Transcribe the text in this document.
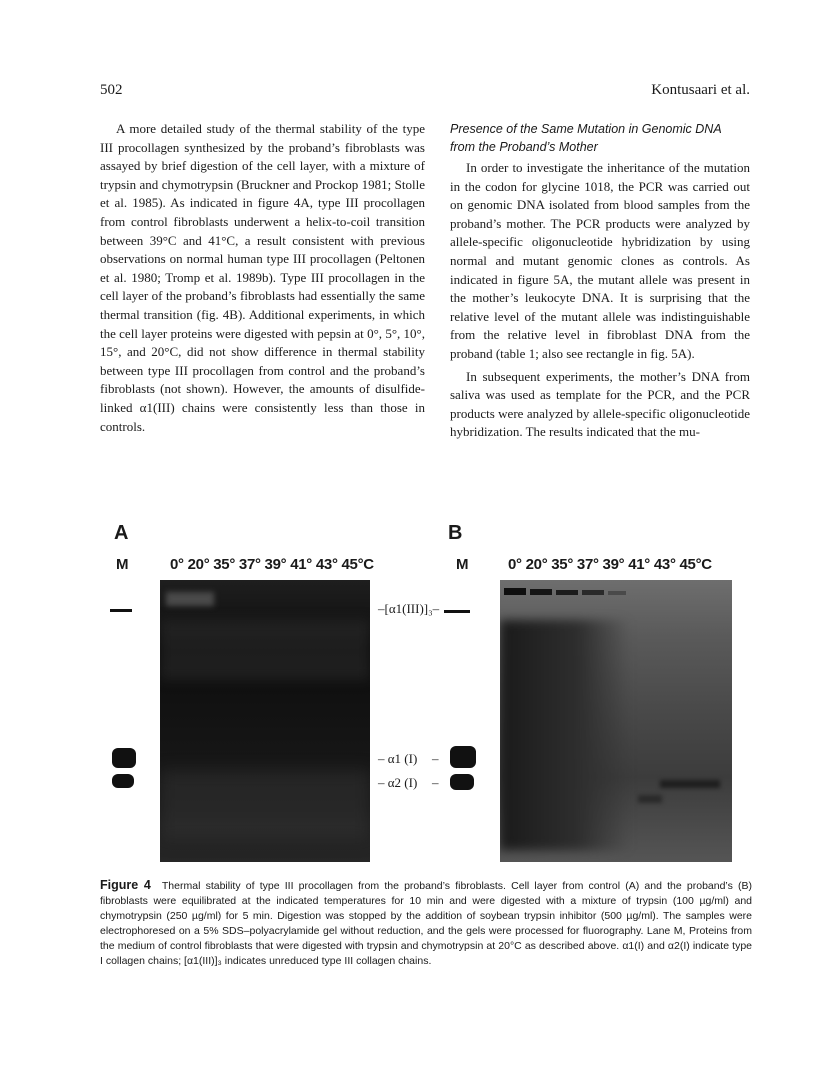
502	Kontusaari et al.

A more detailed study of the thermal stability of the type III procollagen synthesized by the proband’s fibroblasts was assayed by brief digestion of the cell layer, with a mixture of trypsin and chymotrypsin (Bruckner and Prockop 1981; Stolle et al. 1985). As indicated in figure 4A, type III procollagen from control fibroblasts underwent a helix-to-coil transition between 39°C and 41°C, a result consistent with previous observations on normal human type III procollagen (Peltonen et al. 1980; Tromp et al. 1989b). Type III procollagen in the cell layer of the proband’s fibroblasts had essentially the same thermal transition (fig. 4B). Additional experiments, in which the cell layer proteins were digested with pepsin at 0°, 5°, 10°, 15°, and 20°C, did not show difference in thermal stability between type III procollagen from control and the proband’s fibroblasts (not shown). However, the amounts of disulfide-linked α1(III) chains were consistently less than those in controls.

Presence of the Same Mutation in Genomic DNA
from the Proband’s Mother

In order to investigate the inheritance of the mutation in the codon for glycine 1018, the PCR was carried out on genomic DNA isolated from blood samples from the proband’s mother. The PCR products were analyzed by allele-specific oligonucleotide hybridization by using normal and mutant genomic clones as controls. As indicated in figure 5A, the mutant allele was present in the mother’s leukocyte DNA. It is surprising that the relative level of the mutant allele was indistinguishable from the relative level in fibroblast DNA from the proband (table 1; also see rectangle in fig. 5A).

In subsequent experiments, the mother’s DNA from saliva was used as template for the PCR, and the PCR products were analyzed by allele-specific oligonucleotide hybridization. The results indicated that the mu-

A
M	0° 20° 35° 37° 39° 41° 43° 45°C
–[α1(III)]₃–
– α1 (I)
– α2 (I)
–
–
B
M	0° 20° 35° 37° 39° 41° 43° 45°C
Figure 4 Thermal stability of type III procollagen from the proband’s fibroblasts. Cell layer from control (A) and the proband’s (B) fibroblasts were equilibrated at the indicated temperatures for 10 min and were digested with a mixture of trypsin (100 µg/ml) and chymotrypsin (250 µg/ml) for 5 min. Digestion was stopped by the addition of soybean trypsin inhibitor (500 µg/ml). The samples were electrophoresed on a 5% SDS–polyacrylamide gel without reduction, and the gels were processed for fluorography. Lane M, Proteins from the medium of control fibroblasts that were digested with trypsin and chymotrypsin at 20°C as described above. α1(I) and α2(I) indicate type I collagen chains; [α1(III)]₃ indicates unreduced type III collagen chains.
